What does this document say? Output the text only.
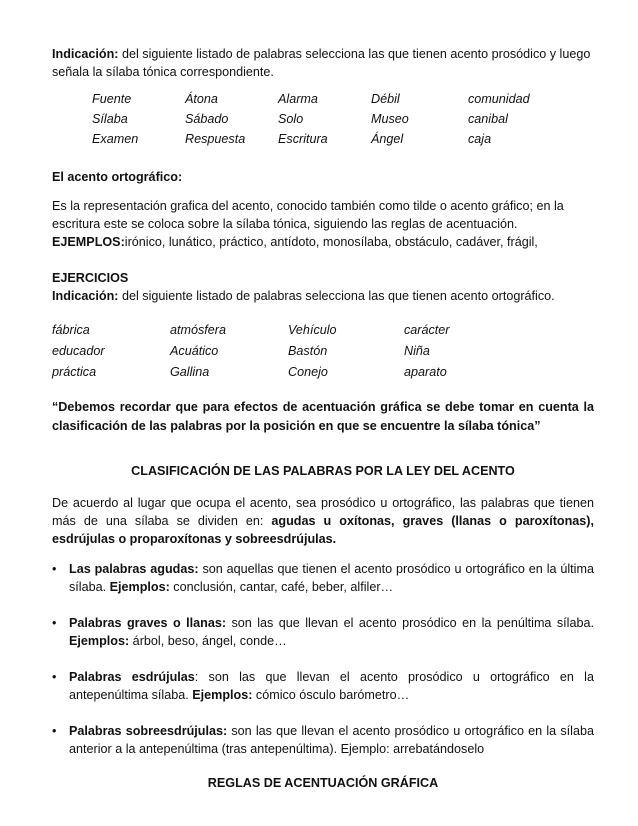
Indicación: del siguiente listado de palabras selecciona las que tienen acento prosódico y luego señala la sílaba tónica correspondiente.

Fuente	Átona	Alarma	Débil	comunidad
Sílaba	Sábado	Solo	Museo	canibal
Examen	Respuesta	Escritura	Ángel	caja

El acento ortográfico:

Es la representación grafica del acento, conocido también como tilde o acento gráfico; en la escritura este se coloca sobre la sílaba tónica, siguiendo las reglas de acentuación. EJEMPLOS:irónico, lunático, práctico, antídoto, monosílaba, obstáculo, cadáver, frágil,

EJERCICIOS

Indicación: del siguiente listado de palabras selecciona las que tienen acento ortográfico.

fábrica	atmósfera	Vehículo	carácter
educador	Acuático	Bastón	Niña
práctica	Gallina	Conejo	aparato

“Debemos recordar que para efectos de acentuación gráfica se debe tomar en cuenta la clasificación de las palabras por la posición en que se encuentre la sílaba tónica”

CLASIFICACIÓN DE LAS PALABRAS POR LA LEY DEL ACENTO

De acuerdo al lugar que ocupa el acento, sea prosódico u ortográfico, las palabras que tienen más de una sílaba se dividen en: agudas u oxítonas, graves (llanas o paroxítonas), esdrújulas o proparoxítonas y sobreesdrújulas.

• Las palabras agudas: son aquellas que tienen el acento prosódico u ortográfico en la última sílaba. Ejemplos: conclusión, cantar, café, beber, alfiler…
• Palabras graves o llanas: son las que llevan el acento prosódico en la penúltima sílaba. Ejemplos: árbol, beso, ángel, conde…
• Palabras esdrújulas: son las que llevan el acento prosódico u ortográfico en la antepenúltima sílaba. Ejemplos: cómico ósculo barómetro…
• Palabras sobreesdrújulas: son las que llevan el acento prosódico u ortográfico en la sílaba anterior a la antepenúltima (tras antepenúltima). Ejemplo: arrebatándoselo

REGLAS DE ACENTUACIÓN GRÁFICA
